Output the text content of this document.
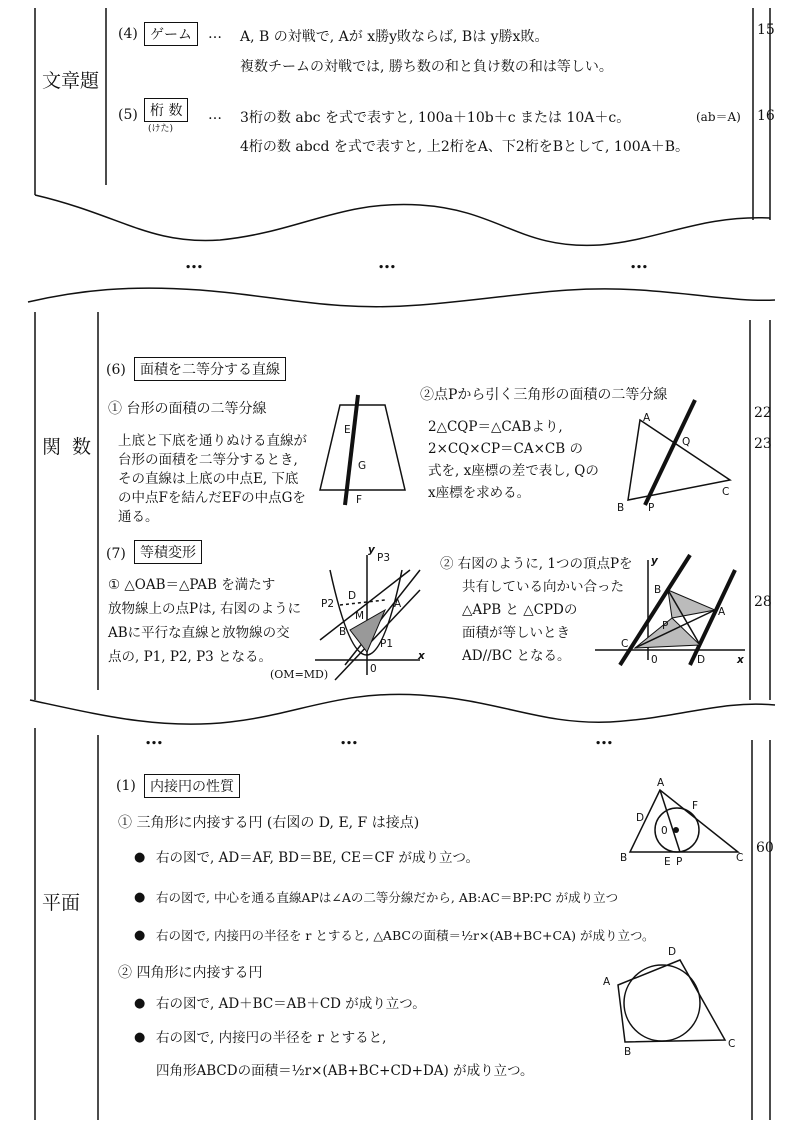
文章題
関 数
平面
15
16
22
23
28
60
…	…	…
…	…	…
(4) ゲーム	… A, B の対戦で, Aが x勝y敗ならば, Bは y勝x敗。
複数チームの対戦では, 勝ち数の和と負け数の和は等しい。
(5) 桁 数
(けた)
… 3桁の数 abc を式で表すと, 100a＋10b＋c または 10A＋c。	(ab＝A)
4桁の数 abcd を式で表すと, 上2桁をA、下2桁をBとして, 100A＋B。
(6)	面積を二等分する直線
① 台形の面積の二等分線
上底と下底を通りぬける直線が
台形の面積を二等分するとき,
その直線は上底の中点E, 下底
の中点Fを結んだEFの中点Gを
通る。
②点Pから引く三角形の面積の二等分線
2△CQP＝△CABより,
2×CQ×CP＝CA×CB の
式を, x座標の差で表し, Qの
x座標を求める。
E
G
F
A
Q
C
B P
(7)	等積変形
① △OAB＝△PAB を満たす
放物線上の点Pは, 右図のように
ABに平行な直線と放物線の交
点の, P1, P2, P3 となる。
(OM=MD)
② 右図のように, 1つの頂点Pを
共有している向かい合った
△APB と △CPDの
面積が等しいとき
AD//BC となる。
y
x
0
P3
D
P2	A
M
B
P1
y
x
0
B
A
P
C
D
(1)	内接円の性質
① 三角形に内接する円 (右図の D, E, F は接点)
● 右の図で, AD＝AF, BD＝BE, CE＝CF が成り立つ。
● 右の図で, 中心を通る直線APは∠Aの二等分線だから, AB:AC＝BP:PC が成り立つ
● 右の図で, 内接円の半径を r とすると, △ABCの面積＝½r×(AB+BC+CA) が成り立つ。
② 四角形に内接する円
● 右の図で, AD＋BC＝AB＋CD が成り立つ。
● 右の図で, 内接円の半径を r とすると,
四角形ABCDの面積＝½r×(AB+BC+CD+DA) が成り立つ。
A
D
F
0
B	E P	C
A
D
B
C
